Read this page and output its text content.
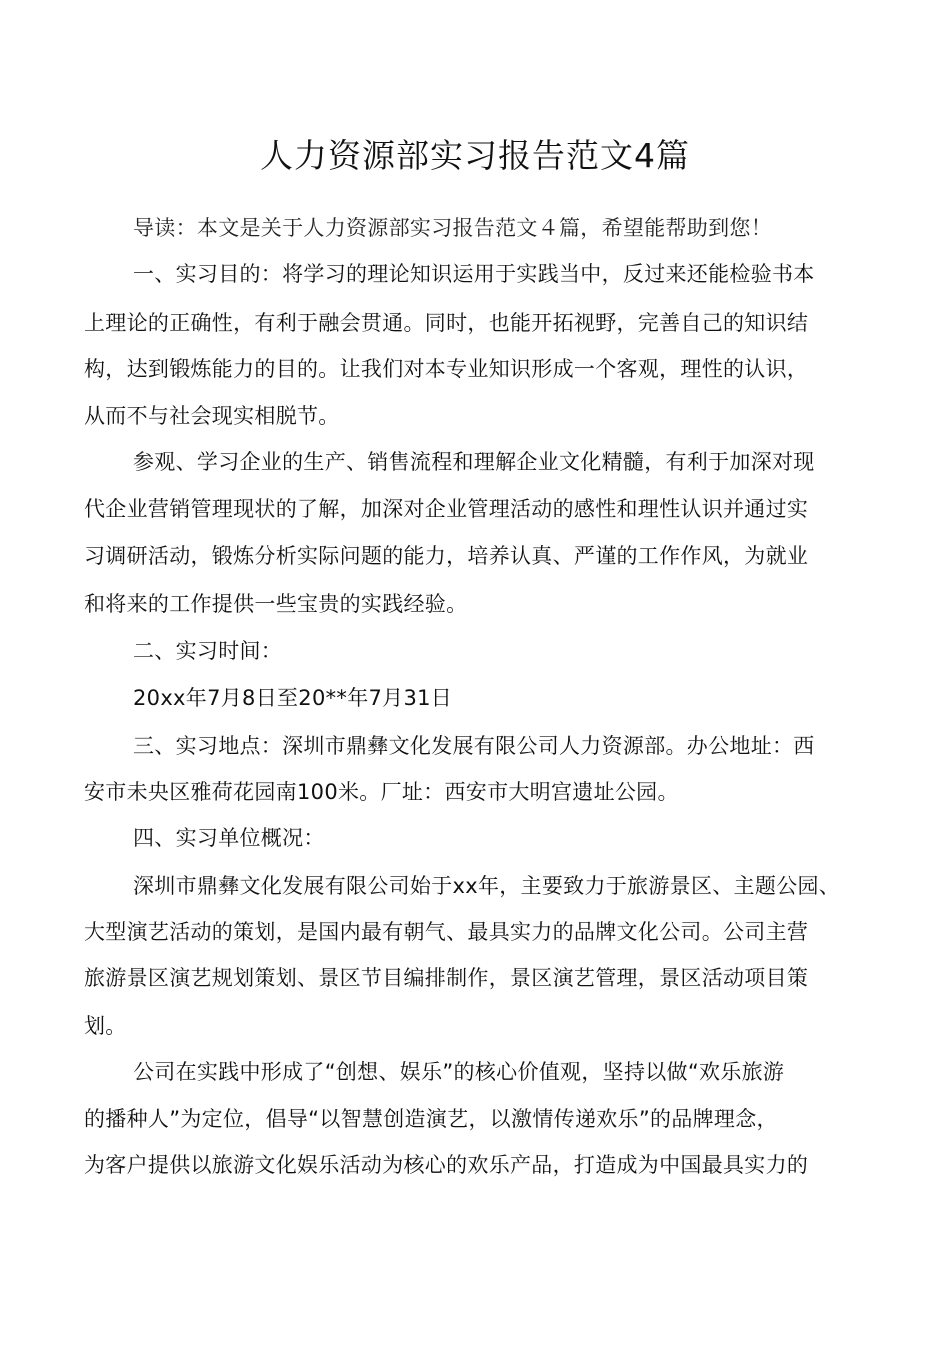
人力资源部实习报告范文4篇
导读：本文是关于人力资源部实习报告范文４篇，希望能帮助到您！
一、实习目的：将学习的理论知识运用于实践当中，反过来还能检验书本
上理论的正确性，有利于融会贯通。同时，也能开拓视野，完善自己的知识结
构，达到锻炼能力的目的。让我们对本专业知识形成一个客观，理性的认识，
从而不与社会现实相脱节。
参观、学习企业的生产、销售流程和理解企业文化精髓，有利于加深对现
代企业营销管理现状的了解，加深对企业管理活动的感性和理性认识并通过实
习调研活动，锻炼分析实际问题的能力，培养认真、严谨的工作作风，为就业
和将来的工作提供一些宝贵的实践经验。
二、实习时间：
20xx年7月8日至20**年7月31日
三、实习地点：深圳市鼎彝文化发展有限公司人力资源部。办公地址：西
安市未央区雅荷花园南100米。厂址：西安市大明宫遗址公园。
四、实习单位概况：
深圳市鼎彝文化发展有限公司始于xx年，主要致力于旅游景区、主题公园、
大型演艺活动的策划，是国内最有朝气、最具实力的品牌文化公司。公司主营
旅游景区演艺规划策划、景区节目编排制作，景区演艺管理，景区活动项目策
划。
公司在实践中形成了“创想、娱乐”的核心价值观，坚持以做“欢乐旅游
的播种人”为定位，倡导“以智慧创造演艺，以激情传递欢乐”的品牌理念，
为客户提供以旅游文化娱乐活动为核心的欢乐产品，打造成为中国最具实力的
